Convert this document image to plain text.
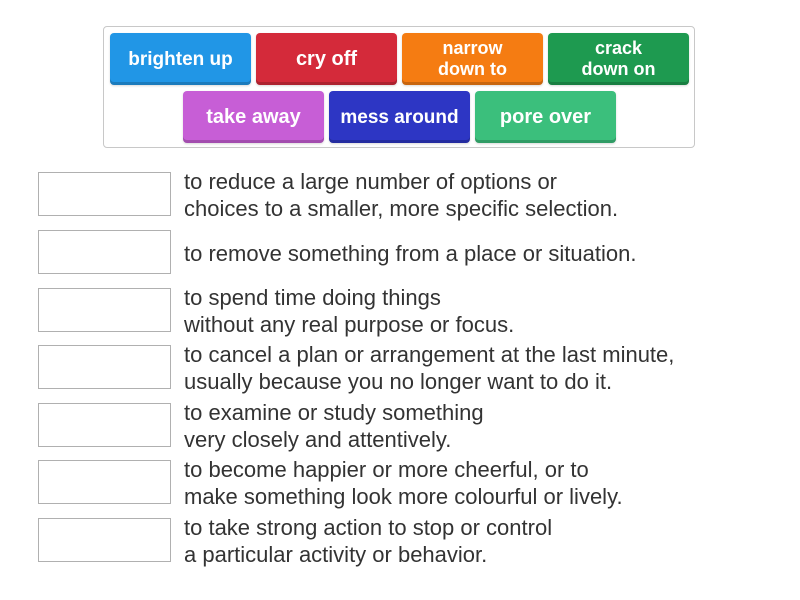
brighten up	cry off	narrow
down to
crack
down on
take away	mess around	pore over
to reduce a large number of options or
choices to a smaller, more specific selection.
to remove something from a place or situation.
to spend time doing things
without any real purpose or focus.
to cancel a plan or arrangement at the last minute,
usually because you no longer want to do it.
to examine or study something
very closely and attentively.
to become happier or more cheerful, or to
make something look more colourful or lively.
to take strong action to stop or control
a particular activity or behavior.
